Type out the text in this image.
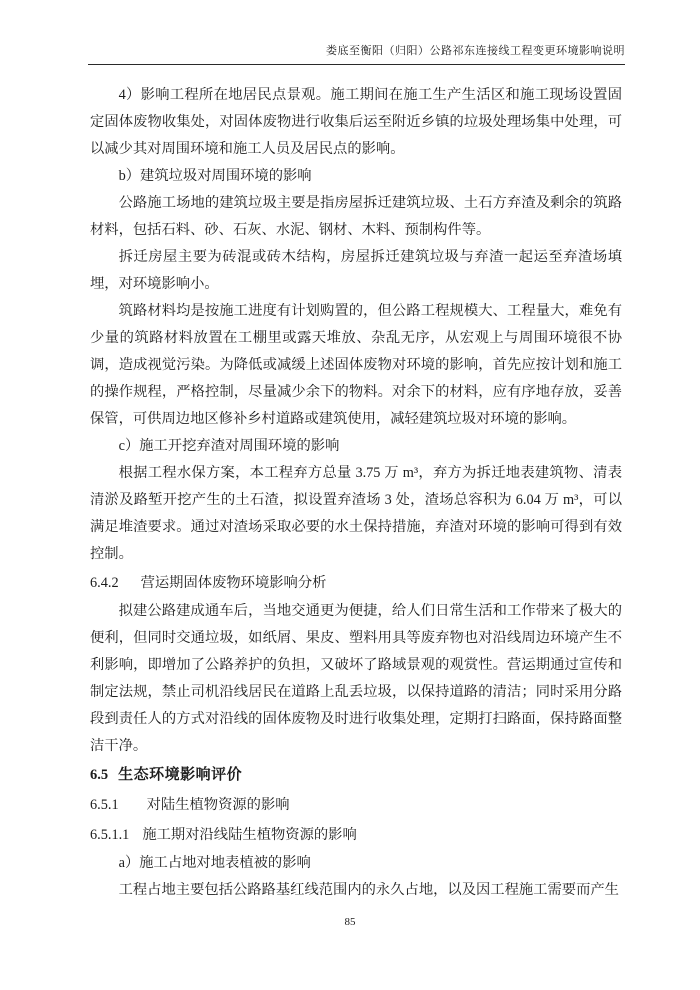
娄底至衡阳（归阳）公路祁东连接线工程变更环境影响说明

4）影响工程所在地居民点景观。施工期间在施工生产生活区和施工现场设置固定固体废物收集处，对固体废物进行收集后运至附近乡镇的垃圾处理场集中处理，可以减少其对周围环境和施工人员及居民点的影响。

b）建筑垃圾对周围环境的影响

公路施工场地的建筑垃圾主要是指房屋拆迁建筑垃圾、土石方弃渣及剩余的筑路材料，包括石料、砂、石灰、水泥、钢材、木料、预制构件等。

拆迁房屋主要为砖混或砖木结构，房屋拆迁建筑垃圾与弃渣一起运至弃渣场填埋，对环境影响小。

筑路材料均是按施工进度有计划购置的，但公路工程规模大、工程量大，难免有少量的筑路材料放置在工棚里或露天堆放、杂乱无序，从宏观上与周围环境很不协调，造成视觉污染。为降低或减缓上述固体废物对环境的影响，首先应按计划和施工的操作规程，严格控制，尽量减少余下的物料。对余下的材料，应有序地存放，妥善保管，可供周边地区修补乡村道路或建筑使用，减轻建筑垃圾对环境的影响。

c）施工开挖弃渣对周围环境的影响

根据工程水保方案，本工程弃方总量 3.75 万 m³，弃方为拆迁地表建筑物、清表清淤及路堑开挖产生的土石渣，拟设置弃渣场 3 处，渣场总容积为 6.04 万 m³，可以满足堆渣要求。通过对渣场采取必要的水土保持措施，弃渣对环境的影响可得到有效控制。

6.4.2 营运期固体废物环境影响分析

拟建公路建成通车后，当地交通更为便捷，给人们日常生活和工作带来了极大的便利，但同时交通垃圾，如纸屑、果皮、塑料用具等废弃物也对沿线周边环境产生不利影响，即增加了公路养护的负担，又破坏了路域景观的观赏性。营运期通过宣传和制定法规，禁止司机沿线居民在道路上乱丢垃圾，以保持道路的清洁；同时采用分路段到责任人的方式对沿线的固体废物及时进行收集处理，定期打扫路面，保持路面整洁干净。

6.5 生态环境影响评价
6.5.1 对陆生植物资源的影响
6.5.1.1 施工期对沿线陆生植物资源的影响

a）施工占地对地表植被的影响

工程占地主要包括公路路基红线范围内的永久占地，以及因工程施工需要而产生

85
